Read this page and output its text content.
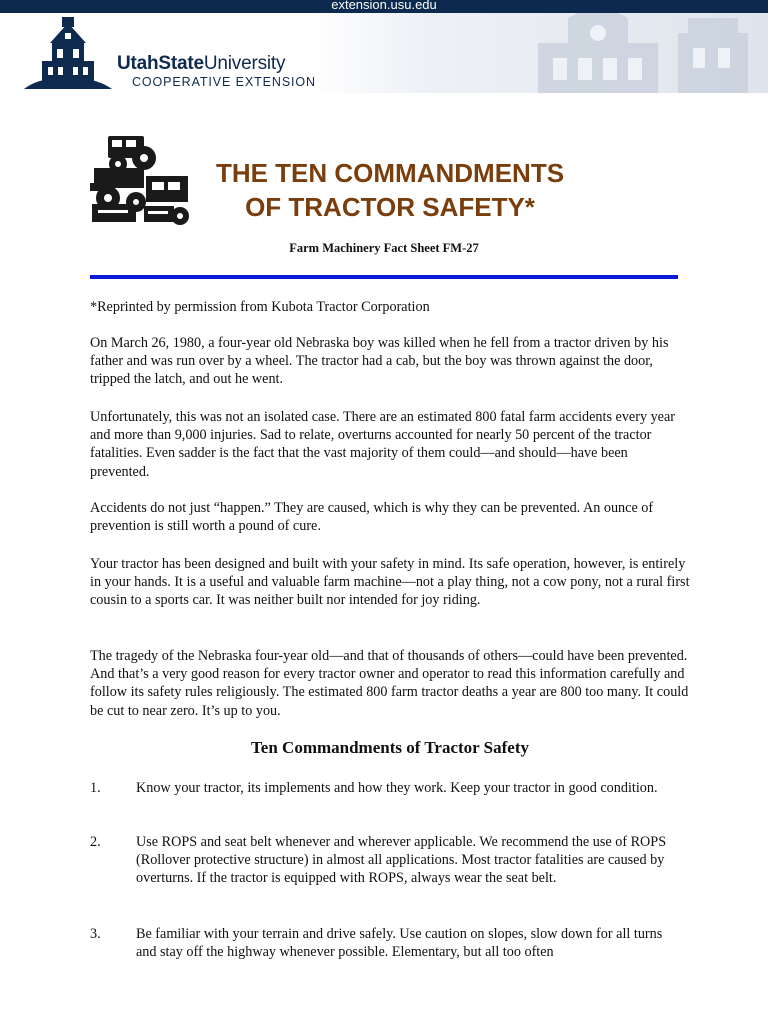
extension.usu.edu
UtahStateUniversity
COOPERATIVE EXTENSION
THE TEN COMMANDMENTS
OF TRACTOR SAFETY*
Farm Machinery Fact Sheet FM-27

*Reprinted by permission from Kubota Tractor Corporation

On March 26, 1980, a four-year old Nebraska boy was killed when he fell from a tractor driven by his father and was run over by a wheel. The tractor had a cab, but the boy was thrown against the door, tripped the latch, and out he went.

Unfortunately, this was not an isolated case. There are an estimated 800 fatal farm accidents every year and more than 9,000 injuries. Sad to relate, overturns accounted for nearly 50 percent of the tractor fatalities. Even sadder is the fact that the vast majority of them could—and should—have been prevented.

Accidents do not just “happen.” They are caused, which is why they can be prevented. An ounce of prevention is still worth a pound of cure.

Your tractor has been designed and built with your safety in mind. Its safe operation, however, is entirely in your hands. It is a useful and valuable farm machine—not a play thing, not a cow pony, not a rural first cousin to a sports car. It was neither built nor intended for joy riding.

The tragedy of the Nebraska four-year old—and that of thousands of others—could have been prevented. And that’s a very good reason for every tractor owner and operator to read this information carefully and follow its safety rules religiously. The estimated 800 farm tractor deaths a year are 800 too many. It could be cut to near zero. It’s up to you.

Ten Commandments of Tractor Safety
1. Know your tractor, its implements and how they work. Keep your tractor in good condition.

2. Use ROPS and seat belt whenever and wherever applicable. We recommend the use of ROPS (Rollover protective structure) in almost all applications. Most tractor fatalities are caused by overturns. If the tractor is equipped with ROPS, always wear the seat belt.

3. Be familiar with your terrain and drive safely. Use caution on slopes, slow down for all turns and stay off the highway whenever possible. Elementary, but all too often
